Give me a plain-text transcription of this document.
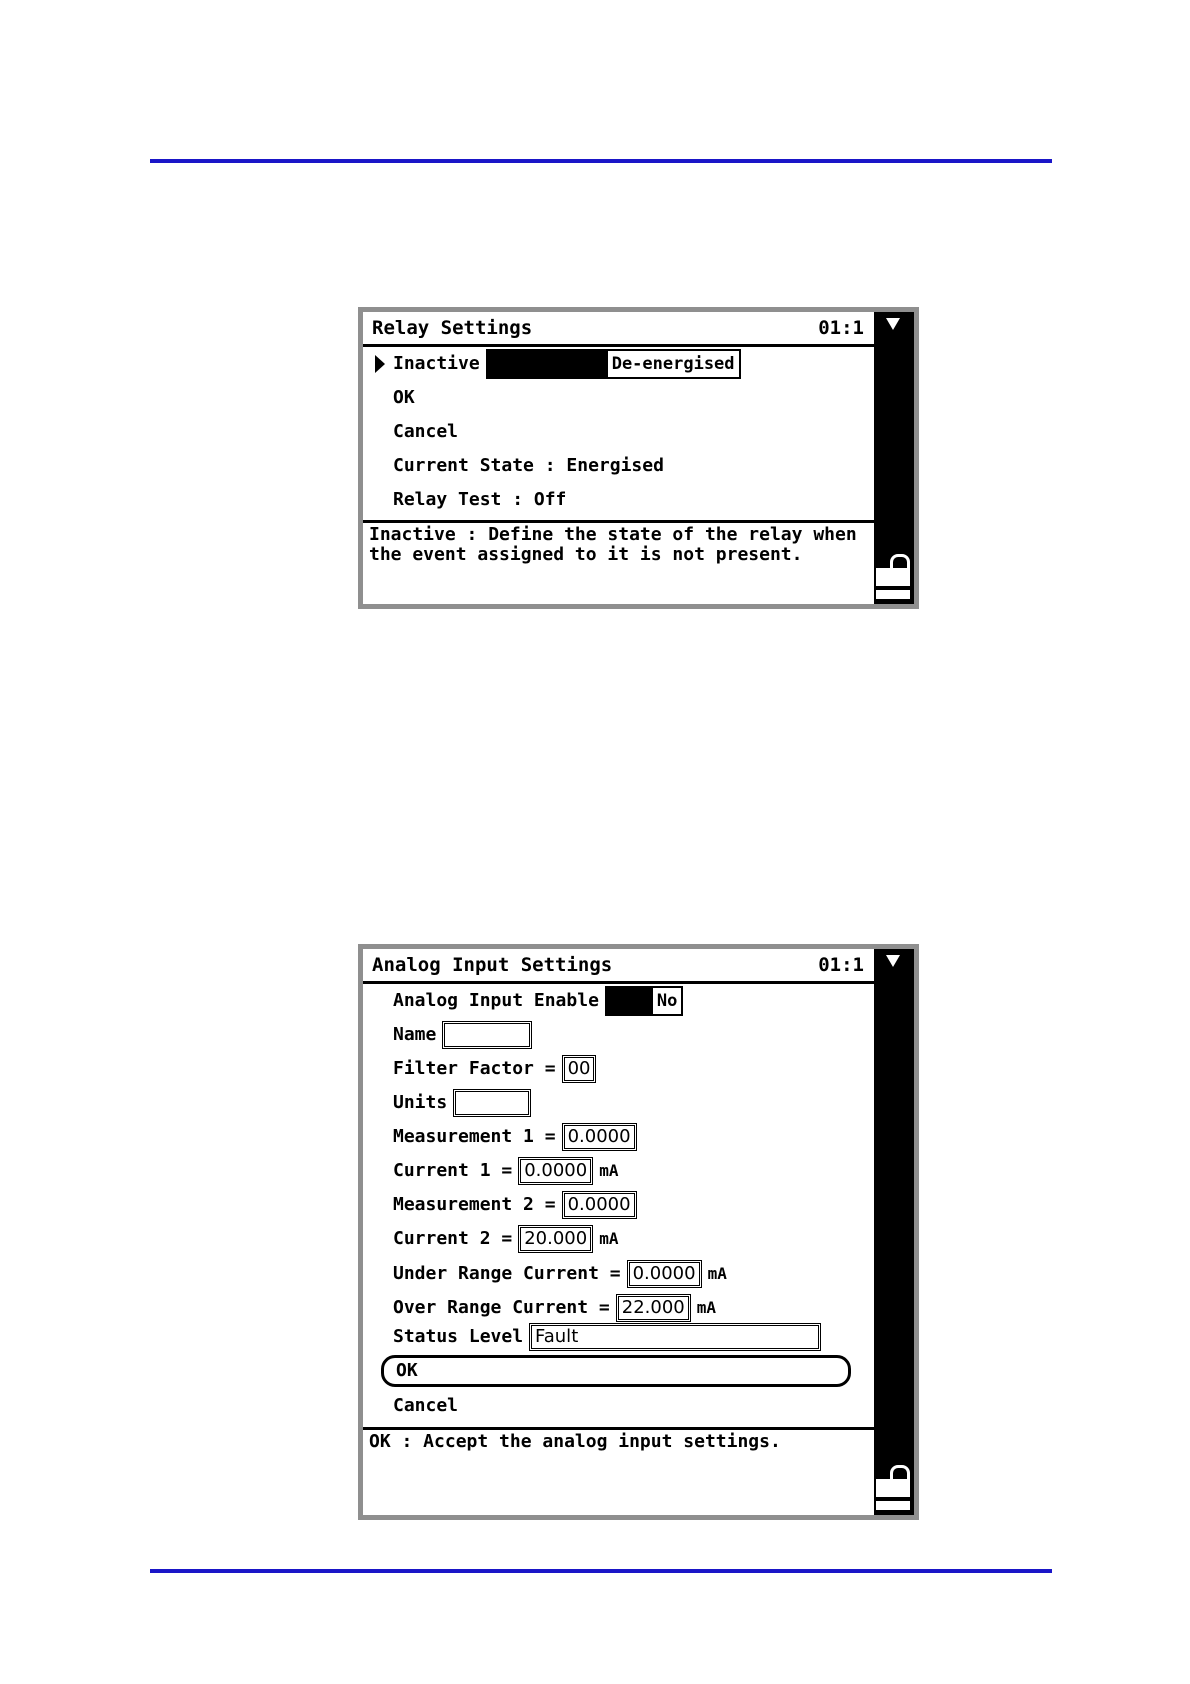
Relay Settings	01:1
Inactive	De-energised
OK
Cancel
Current State : Energised
Relay Test : Off
Inactive : Define the state of the relay when the event assigned to it is not present.
Analog Input Settings	01:1
Analog Input Enable	No
Name
Filter Factor = 00
Units
Measurement 1 = 0.0000
Current 1 = 0.0000 mA
Measurement 2 = 0.0000
Current 2 = 20.000 mA
Under Range Current = 0.0000 mA
Over Range Current = 22.000 mA
Status Level Fault
OK
Cancel
OK : Accept the analog input settings.
